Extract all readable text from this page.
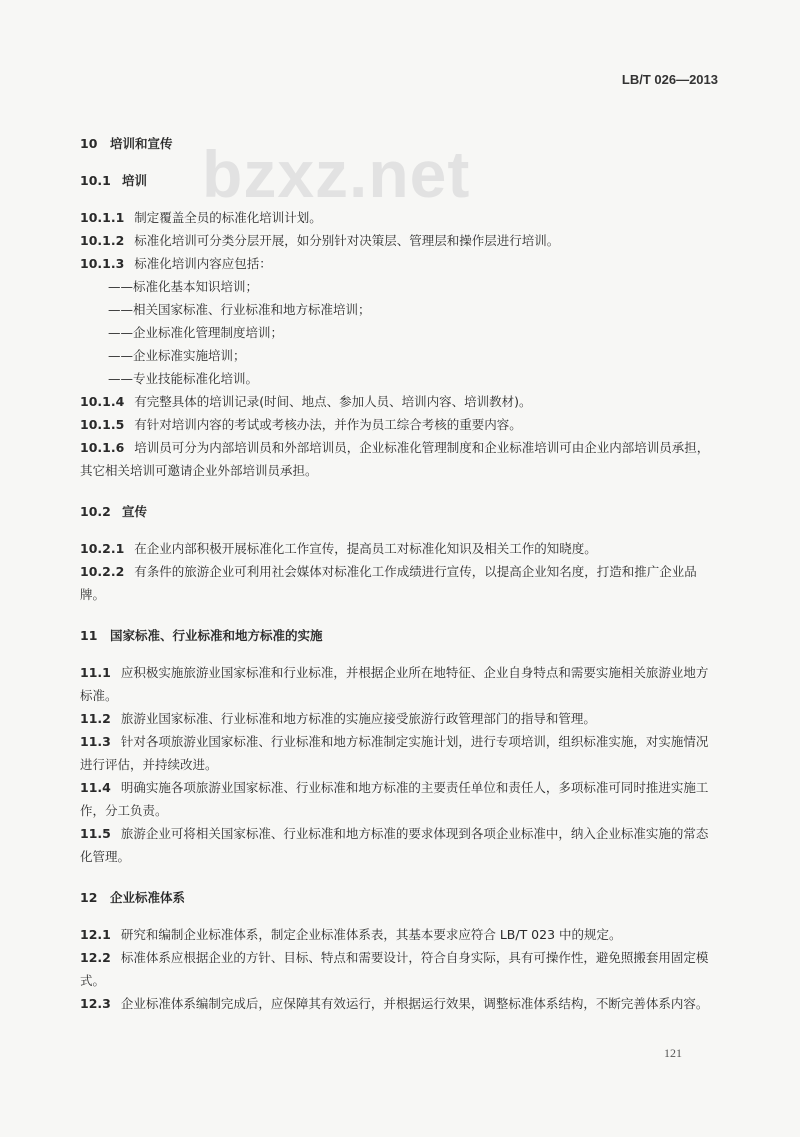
LB/T 026—2013
bzxz.net

10 培训和宣传

10.1 培训

10.1.1 制定覆盖全员的标准化培训计划。

10.1.2 标准化培训可分类分层开展，如分别针对决策层、管理层和操作层进行培训。

10.1.3 标准化培训内容应包括：

——标准化基本知识培训；

——相关国家标准、行业标准和地方标准培训；

——企业标准化管理制度培训；

——企业标准实施培训；

——专业技能标准化培训。

10.1.4 有完整具体的培训记录(时间、地点、参加人员、培训内容、培训教材)。

10.1.5 有针对培训内容的考试或考核办法，并作为员工综合考核的重要内容。

10.1.6 培训员可分为内部培训员和外部培训员，企业标准化管理制度和企业标准培训可由企业内部培训员承担，其它相关培训可邀请企业外部培训员承担。

10.2 宣传

10.2.1 在企业内部积极开展标准化工作宣传，提高员工对标准化知识及相关工作的知晓度。

10.2.2 有条件的旅游企业可利用社会媒体对标准化工作成绩进行宣传，以提高企业知名度，打造和推广企业品牌。

11 国家标准、行业标准和地方标准的实施

11.1 应积极实施旅游业国家标准和行业标准，并根据企业所在地特征、企业自身特点和需要实施相关旅游业地方标准。

11.2 旅游业国家标准、行业标准和地方标准的实施应接受旅游行政管理部门的指导和管理。

11.3 针对各项旅游业国家标准、行业标准和地方标准制定实施计划，进行专项培训，组织标准实施，对实施情况进行评估，并持续改进。

11.4 明确实施各项旅游业国家标准、行业标准和地方标准的主要责任单位和责任人，多项标准可同时推进实施工作，分工负责。

11.5 旅游企业可将相关国家标准、行业标准和地方标准的要求体现到各项企业标准中，纳入企业标准实施的常态化管理。

12 企业标准体系

12.1 研究和编制企业标准体系，制定企业标准体系表，其基本要求应符合 LB/T 023 中的规定。

12.2 标准体系应根据企业的方针、目标、特点和需要设计，符合自身实际，具有可操作性，避免照搬套用固定模式。

12.3 企业标准体系编制完成后，应保障其有效运行，并根据运行效果，调整标准体系结构，不断完善体系内容。

121
